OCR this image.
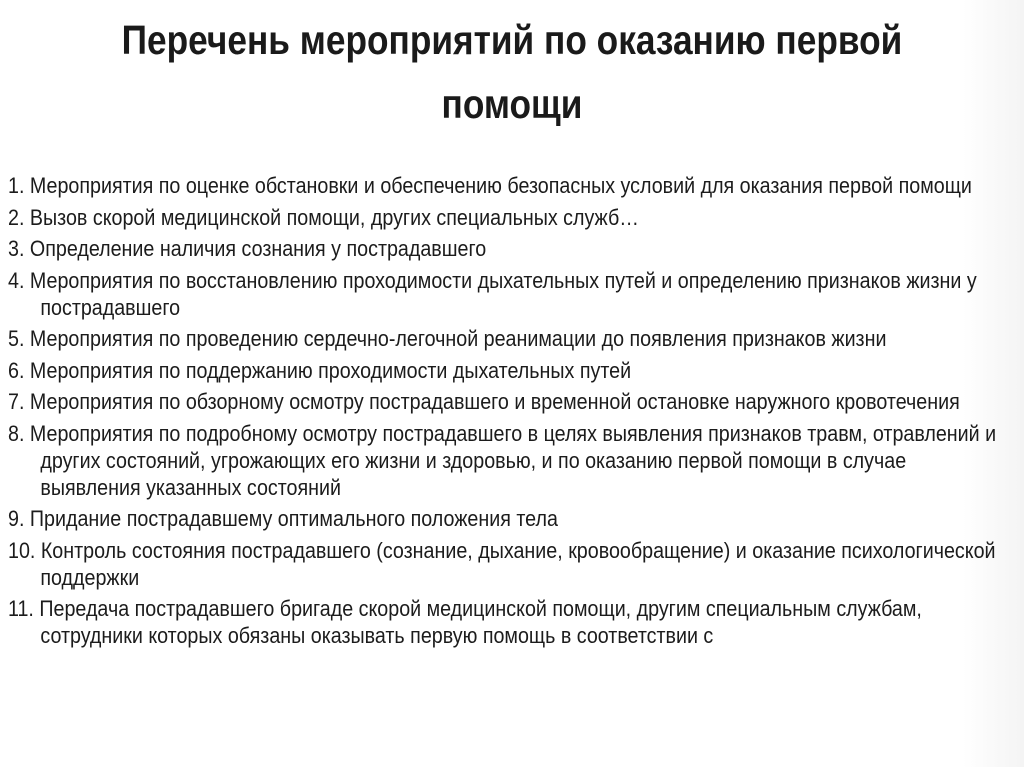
Перечень мероприятий по оказанию первой помощи
1. Мероприятия по оценке обстановки и обеспечению безопасных условий для оказания первой помощи
2. Вызов скорой медицинской помощи, других специальных служб…
3. Определение наличия сознания у пострадавшего
4. Мероприятия по восстановлению проходимости дыхательных путей и определению признаков жизни у пострадавшего
5. Мероприятия по проведению сердечно-легочной реанимации до появления признаков жизни
6. Мероприятия по поддержанию проходимости дыхательных путей
7. Мероприятия по обзорному осмотру пострадавшего и временной остановке наружного кровотечения
8. Мероприятия по подробному осмотру пострадавшего в целях выявления признаков травм, отравлений и других состояний, угрожающих его жизни и здоровью, и по оказанию первой помощи в случае выявления указанных состояний
9. Придание пострадавшему оптимального положения тела
10. Контроль состояния пострадавшего (сознание, дыхание, кровообращение) и оказание психологической поддержки
11. Передача пострадавшего бригаде скорой медицинской помощи, другим специальным службам, сотрудники которых обязаны оказывать первую помощь в соответствии с
